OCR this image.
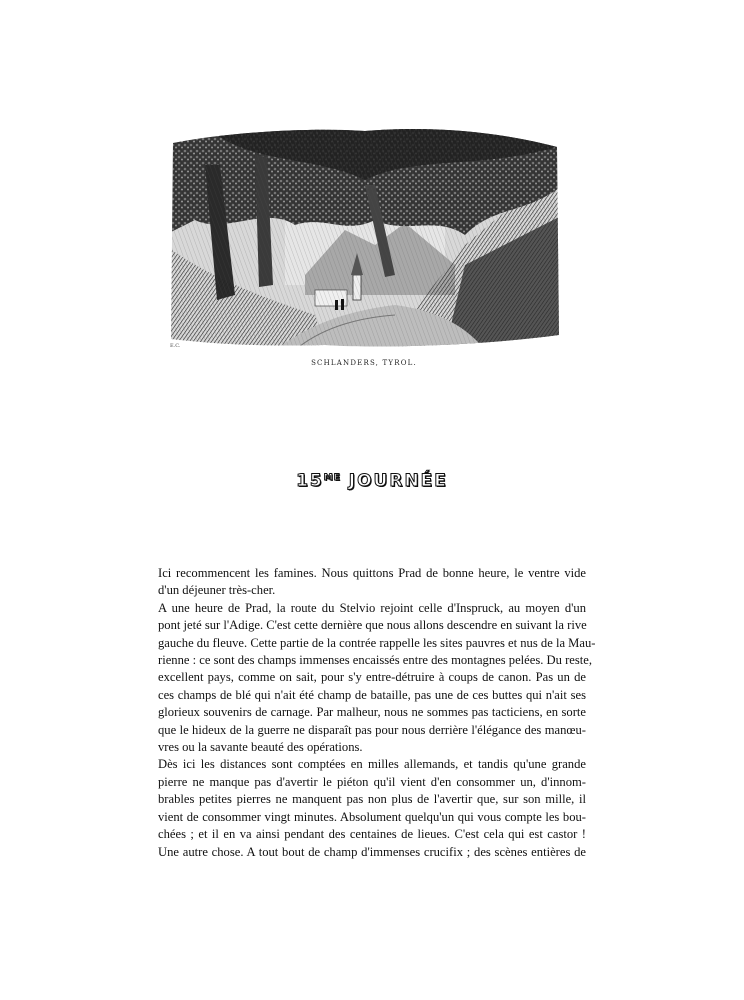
E.C.
SCHLANDERS, TYROL.
$15^{ME}$ JOURNÉE
Ici recommencent les famines. Nous quittons Prad de bonne heure, le ventre vide
d'un déjeuner très-cher.
A une heure de Prad, la route du Stelvio rejoint celle d'Inspruck, au moyen d'un
pont jeté sur l'Adige. C'est cette dernière que nous allons descendre en suivant la rive
gauche du fleuve. Cette partie de la contrée rappelle les sites pauvres et nus de la Mau-
rienne : ce sont des champs immenses encaissés entre des montagnes pelées. Du reste,
excellent pays, comme on sait, pour s'y entre-détruire à coups de canon. Pas un de
ces champs de blé qui n'ait été champ de bataille, pas une de ces buttes qui n'ait ses
glorieux souvenirs de carnage. Par malheur, nous ne sommes pas tacticiens, en sorte
que le hideux de la guerre ne disparaît pas pour nous derrière l'élégance des manœu-
vres ou la savante beauté des opérations.
Dès ici les distances sont comptées en milles allemands, et tandis qu'une grande
pierre ne manque pas d'avertir le piéton qu'il vient d'en consommer un, d'innom-
brables petites pierres ne manquent pas non plus de l'avertir que, sur son mille, il
vient de consommer vingt minutes. Absolument quelqu'un qui vous compte les bou-
chées ; et il en va ainsi pendant des centaines de lieues. C'est cela qui est castor !
Une autre chose. A tout bout de champ d'immenses crucifix ; des scènes entières de
